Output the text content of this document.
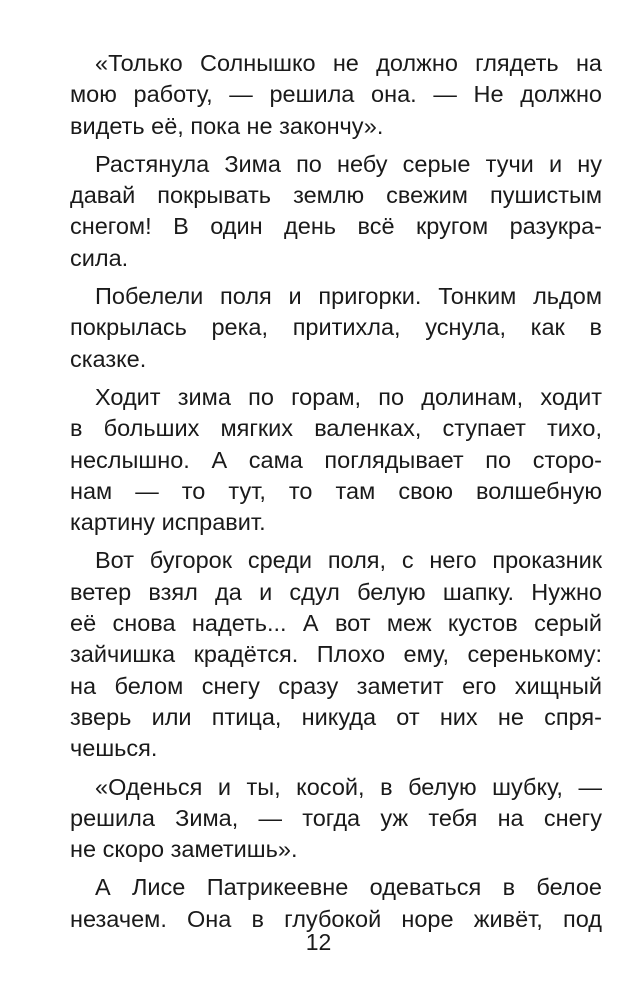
«Только Солнышко не должно глядеть на
мою работу, — решила она. — Не должно
видеть её, пока не закончу».
Растянула Зима по небу серые тучи и ну
давай покрывать землю свежим пушистым
снегом! В один день всё кругом разукра-
сила.
Побелели поля и пригорки. Тонким льдом
покрылась река, притихла, уснула, как в
сказке.
Ходит зима по горам, по долинам, ходит
в больших мягких валенках, ступает тихо,
неслышно. А сама поглядывает по сторо-
нам — то тут, то там свою волшебную
картину исправит.
Вот бугорок среди поля, с него проказник
ветер взял да и сдул белую шапку. Нужно
её снова надеть... А вот меж кустов серый
зайчишка крадётся. Плохо ему, серенькому:
на белом снегу сразу заметит его хищный
зверь или птица, никуда от них не спря-
чешься.
«Оденься и ты, косой, в белую шубку, —
решила Зима, — тогда уж тебя на снегу
не скоро заметишь».
А Лисе Патрикеевне одеваться в белое
незачем. Она в глубокой норе живёт, под
12
